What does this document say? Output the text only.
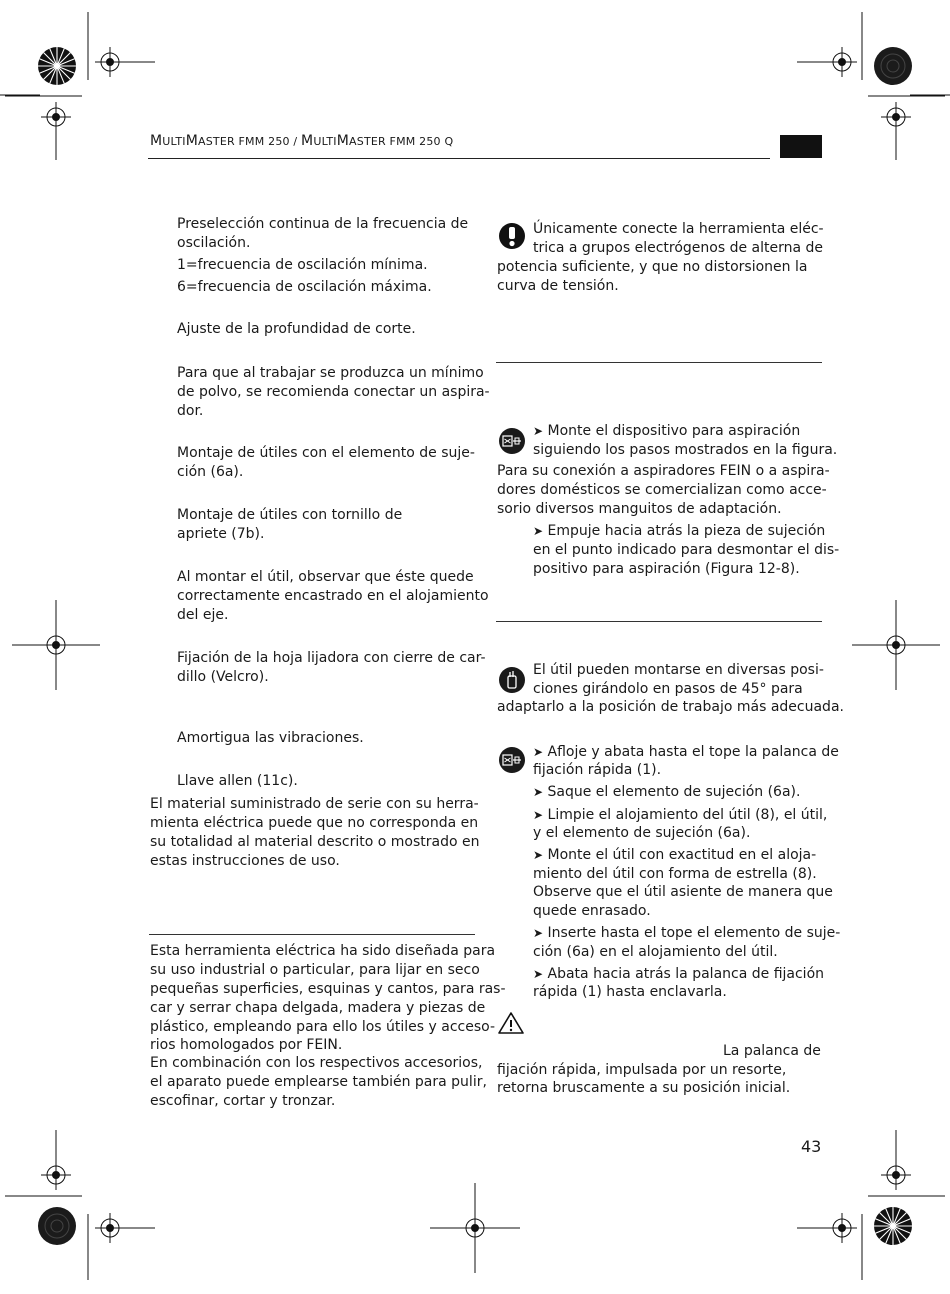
MULTIMASTER FMM 250 / MULTIMASTER FMM 250 Q
Preselección continua de la frecuencia de
oscilación.
1=frecuencia de oscilación mínima.
6=frecuencia de oscilación máxima.
Ajuste de la profundidad de corte.
Para que al trabajar se produzca un mínimo
de polvo, se recomienda conectar un aspira-
dor.
Montaje de útiles con el elemento de suje-
ción (6a).
Montaje de útiles con tornillo de
apriete (7b).
Al montar el útil, observar que éste quede
correctamente encastrado en el alojamiento
del eje.
Fijación de la hoja lijadora con cierre de car-
dillo (Velcro).
Amortigua las vibraciones.
Llave allen (11c).
El material suministrado de serie con su herra-
mienta eléctrica puede que no corresponda en
su totalidad al material descrito o mostrado en
estas instrucciones de uso.
Esta herramienta eléctrica ha sido diseñada para
su uso industrial o particular, para lijar en seco
pequeñas superficies, esquinas y cantos, para ras-
car y serrar chapa delgada, madera y piezas de
plástico, empleando para ello los útiles y acceso-
rios homologados por FEIN.
En combinación con los respectivos accesorios,
el aparato puede emplearse también para pulir,
escofinar, cortar y tronzar.
Únicamente conecte la herramienta eléc-
trica a grupos electrógenos de alterna de
potencia suficiente, y que no distorsionen la
curva de tensión.
➤ Monte el dispositivo para aspiración
siguiendo los pasos mostrados en la figura.
Para su conexión a aspiradores FEIN o a aspira-
dores domésticos se comercializan como acce-
sorio diversos manguitos de adaptación.
➤ Empuje hacia atrás la pieza de sujeción
en el punto indicado para desmontar el dis-
positivo para aspiración (Figura 12-8).
El útil pueden montarse en diversas posi-
ciones girándolo en pasos de 45° para
adaptarlo a la posición de trabajo más adecuada.
➤ Afloje y abata hasta el tope la palanca de
fijación rápida (1).
➤ Saque el elemento de sujeción (6a).
➤ Limpie el alojamiento del útil (8), el útil,
y el elemento de sujeción (6a).
➤ Monte el útil con exactitud en el aloja-
miento del útil con forma de estrella (8).
Observe que el útil asiente de manera que
quede enrasado.
➤ Inserte hasta el tope el elemento de suje-
ción (6a) en el alojamiento del útil.
➤ Abata hacia atrás la palanca de fijación
rápida (1) hasta enclavarla.
La palanca de
fijación rápida, impulsada por un resorte,
retorna bruscamente a su posición inicial.
43
